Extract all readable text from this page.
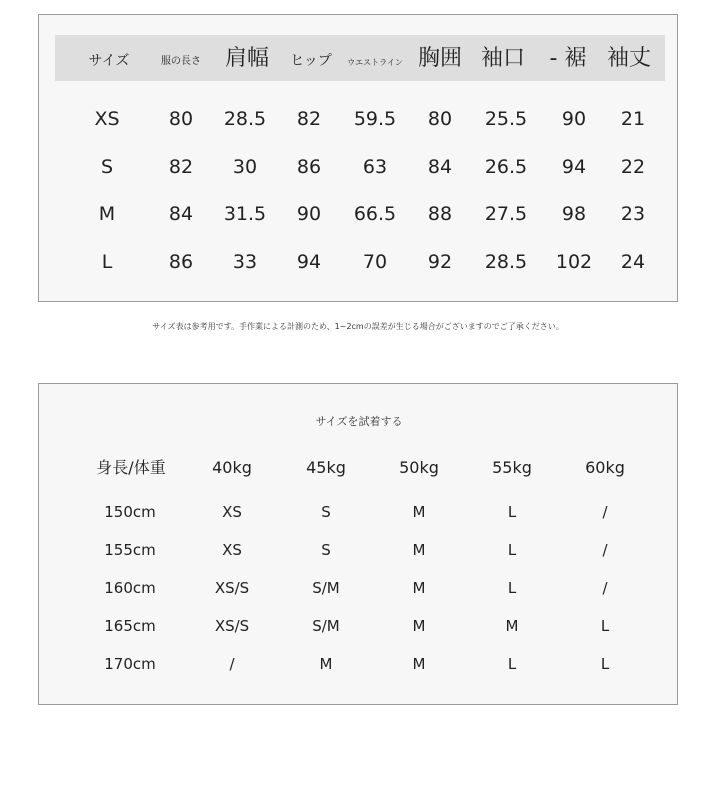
サイズ	服の長さ 肩幅 ヒップ ウエストライン 胸囲 袖口 - 裾 袖丈
XS	80 28.5 82 59.5 80 25.5 90 21
S	82 30 86 63 84 26.5 94 22
M	84 31.5 90 66.5 88 27.5 98 23
L	86 33 94 70 92 28.5 102 24
サイズ表は参考用です。手作業による計測のため、1~2cmの誤差が生じる場合がございますのでご了承ください。
サイズを試着する
身長/体重	40kg	45kg	50kg	55kg	60kg
150cm	XS	S	M	L	/
155cm	XS	S	M	L	/
160cm	XS/S	S/M	M	L	/
165cm	XS/S	S/M	M	M	L
170cm	/	M	M	L	L
